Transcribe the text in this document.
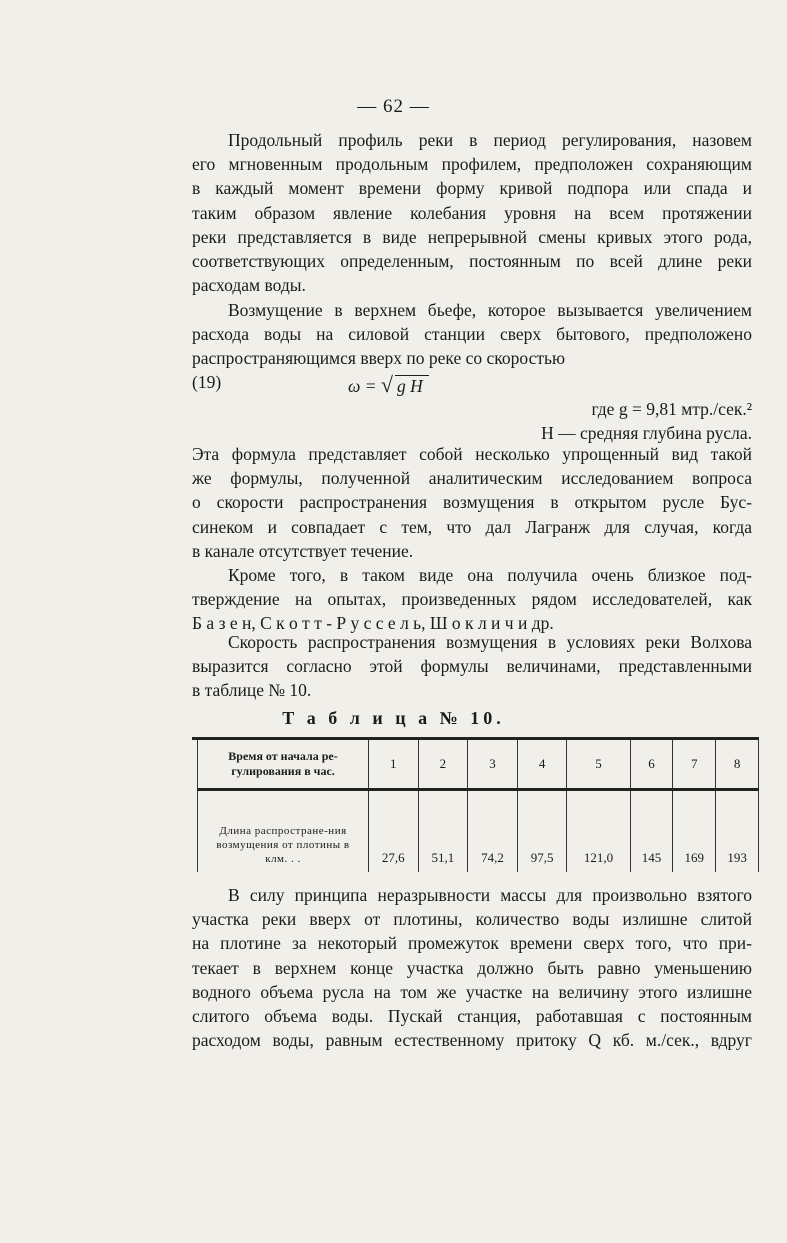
— 62 —
Продольный профиль реки в период регулирования, назовем
его мгновенным продольным профилем, предположен сохраняющим
в каждый момент времени форму кривой подпора или спада и
таким образом явление колебания уровня на всем протяжении
реки представляется в виде непрерывной смены кривых этого рода,
соответствующих определенным, постоянным по всей длине реки
расходам воды.
Возмущение в верхнем бьефе, которое вызывается увеличением
расхода воды на силовой станции сверх бытового, предположено
распространяющимся вверх по реке со скоростью
(19)	ω = √ g H
где g = 9,81 мтр./сек.²
H — средняя глубина русла.
Эта формула представляет собой несколько упрощенный вид такой
же формулы, полученной аналитическим исследованием вопроса
о скорости распространения возмущения в открытом русле Бус-
синеком и совпадает с тем, что дал Лагранж для случая, когда
в канале отсутствует течение.
Кроме того, в таком виде она получила очень близкое под-
тверждение на опытах, произведенных рядом исследователей, как
Б а з е н, С к о т т - Р у с с е л ь, Ш о к л и ч и др.
Скорость распространения возмущения в условиях реки Волхова
выразится согласно этой формулы величинами, представленными
в таблице № 10.
Т а б л и ц а № 10.
Время от начала ре-гулирования в час.	1	2	3	4	5	6	7	8
Длина распростране-ния возмущения от плотины в клм. . .	27,6	51,1	74,2	97,5	121,0	145	169	193
В силу принципа неразрывности массы для произвольно взятого
участка реки вверх от плотины, количество воды излишне слитой
на плотине за некоторый промежуток времени сверх того, что при-
текает в верхнем конце участка должно быть равно уменьшению
водного объема русла на том же участке на величину этого излишне
слитого объема воды. Пускай станция, работавшая с постоянным
расходом воды, равным естественному притоку Q кб. м./сек., вдруг
